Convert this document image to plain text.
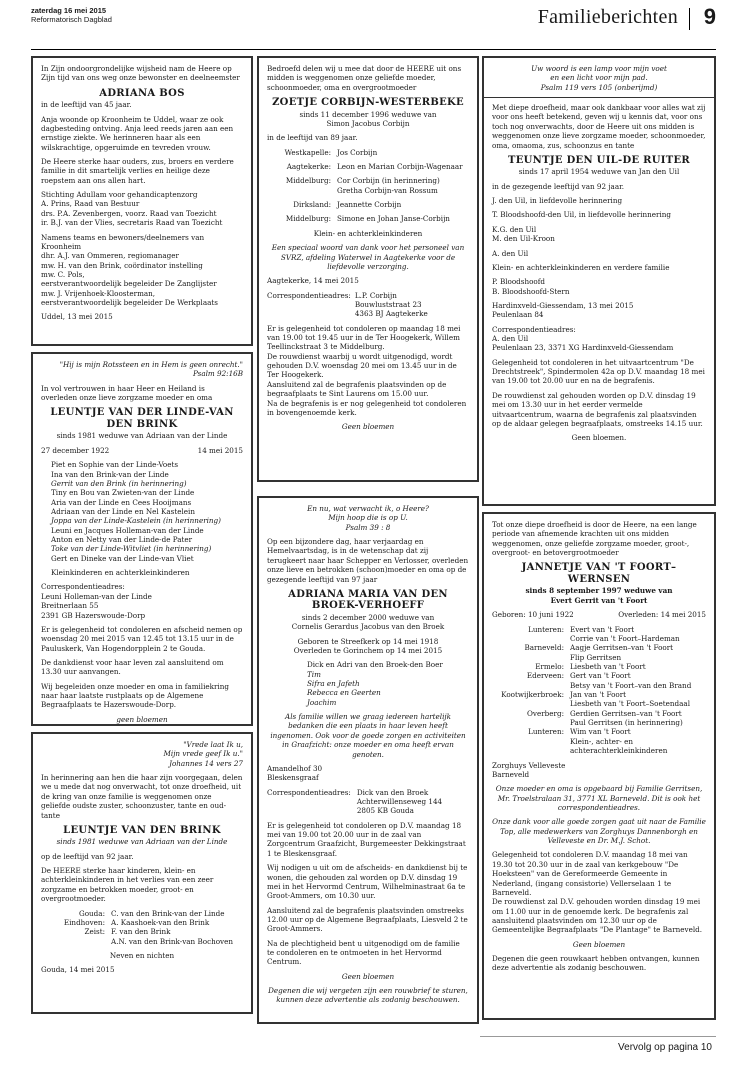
zaterdag 16 mei 2015
Reformatorisch Dagblad	Familieberichten 9

In Zijn ondoorgrondelijke wijsheid nam de Heere op Zijn tijd van ons weg onze bewonster en deelneemster

ADRIANA BOS

in de leeftijd van 45 jaar.

Anja woonde op Kroonheim te Uddel, waar ze ook dagbesteding ontving. Anja leed reeds jaren aan een ernstige ziekte. We herinneren haar als een wilskrachtige, opgeruimde en tevreden vrouw.

De Heere sterke haar ouders, zus, broers en verdere familie in dit smartelijk verlies en heilige deze roepstem aan ons allen hart.

Stichting Adullam voor gehandicaptenzorg
A. Prins, Raad van Bestuur
drs. P.A. Zevenbergen, voorz. Raad van Toezicht
ir. B.J. van der Vlies, secretaris Raad van Toezicht

Namens teams en bewoners/deelnemers van
Kroonheim
dhr. A.J. van Ommeren, regiomanager
mw. H. van den Brink, coördinator instelling
mw. C. Pols,
eerstverantwoordelijk begeleider De Zanglijster
mw. J. Vrijenhoek-Kloosterman,
eerstverantwoordelijk begeleider De Werkplaats

Uddel, 13 mei 2015

"Hij is mijn Rotssteen en in Hem is geen onrecht."
Psalm 92:16B

In vol vertrouwen in haar Heer en Heiland is overleden onze lieve zorgzame moeder en oma

LEUNTJE VAN DER LINDE-VAN DEN BRINK
sinds 1981 weduwe van Adriaan van der Linde
27 december 1922	14 mei 2015
Piet en Sophie van der Linde-Voets
Ina van den Brink-van der Linde
Gerrit van den Brink (in herinnering)
Tiny en Bou van Zwieten-van der Linde
Aria van der Linde en Cees Hooijmans
Adriaan van der Linde en Nel Kastelein
Joppa van der Linde-Kastelein (in herinnering)
Leuni en Jacques Holleman-van der Linde
Anton en Netty van der Linde-de Pater
Toke van der Linde-Witvliet (in herinnering)
Gert en Dineke van der Linde-van Vliet

Kleinkinderen en achterkleinkinderen

Correspondentieadres:
Leuni Holleman-van der Linde
Breitnerlaan 55
2391 GB Hazerswoude-Dorp

Er is gelegenheid tot condoleren en afscheid nemen op woensdag 20 mei 2015 van 12.45 tot 13.15 uur in de Pauluskerk, Van Hogendorpplein 2 te Gouda.

De dankdienst voor haar leven zal aansluitend om 13.30 uur aanvangen.

Wij begeleiden onze moeder en oma in familiekring naar haar laatste rustplaats op de Algemene Begraafplaats te Hazerswoude-Dorp.

geen bloemen
"Vrede laat Ik u,
Mijn vrede geef Ik u."
Johannes 14 vers 27

In herinnering aan hen die haar zijn voorgegaan, delen we u mede dat nog onverwacht, tot onze droefheid, uit de kring van onze familie is weggenomen onze geliefde oudste zuster, schoonzuster, tante en oud-tante

LEUNTJE VAN DEN BRINK
sinds 1981 weduwe van Adriaan van der Linde

op de leeftijd van 92 jaar.

De HEERE sterke haar kinderen, klein- en achterkleinkinderen in het verlies van een zeer zorgzame en betrokken moeder, groot- en overgrootmoeder.

Gouda: C. van den Brink-van der Linde
Eindhoven: A. Kaashoek-van den Brink
Zeist: F. van den Brink
A.N. van den Brink-van Bochoven

Neven en nichten

Gouda, 14 mei 2015

Bedroefd delen wij u mee dat door de HEERE uit ons midden is weggenomen onze geliefde moeder, schoonmoeder, oma en overgrootmoeder

ZOETJE CORBIJN-WESTERBEKE
sinds 11 december 1996 weduwe van
Simon Jacobus Corbijn

in de leeftijd van 89 jaar.

Westkapelle: Jos Corbijn
Aagtekerke: Leon en Marian Corbijn-Wagenaar
Middelburg: Cor Corbijn (in herinnering)
Gretha Corbijn-van Rossum
Dirksland: Jeannette Corbijn
Middelburg: Simone en Johan Janse-Corbijn

Klein- en achterkleinkinderen

Een speciaal woord van dank voor het personeel van SVRZ, afdeling Waterwel in Aagtekerke voor de liefdevolle verzorging.

Aagtekerke, 14 mei 2015

Correspondentieadres: L.P. Corbijn
Bouwluststraat 23
4363 BJ Aagtekerke
Er is gelegenheid tot condoleren op maandag 18 mei van 19.00 tot 19.45 uur in de Ter Hoogekerk, Willem Teellinckstraat 3 te Middelburg.
De rouwdienst waarbij u wordt uitgenodigd, wordt gehouden D.V. woensdag 20 mei om 13.45 uur in de Ter Hoogekerk.
Aansluitend zal de begrafenis plaatsvinden op de begraafplaats te Sint Laurens om 15.00 uur.

Na de begrafenis is er nog gelegenheid tot condoleren in bovengenoemde kerk.

Geen bloemen
En nu, wat verwacht ik, o Heere?
Mijn hoop die is op U.
Psalm 39 : 8

Op een bijzondere dag, haar verjaardag en Hemelvaartsdag, is in de wetenschap dat zij terugkeert naar haar Schepper en Verlosser, overleden onze lieve en betrokken (schoon)moeder en oma op de gezegende leeftijd van 97 jaar

ADRIANA MARIA VAN DEN BROEK-VERHOEFF
sinds 2 december 2000 weduwe van
Cornelis Gerardus Jacobus van den Broek
Geboren te Streefkerk op 14 mei 1918
Overleden te Gorinchem op 14 mei 2015
Dick en Adri van den Broek-den Boer
Tim
Sifra en Jafeth
Rebecca en Geerten
Joachim

Als familie willen we graag iedereen hartelijk bedanken die een plaats in haar leven heeft ingenomen. Ook voor de goede zorgen en activiteiten in Graafzicht: onze moeder en oma heeft ervan genoten.

Amandelhof 30
Bleskensgraaf

Correspondentieadres: Dick van den Broek
Achterwillenseweg 144
2805 KB Gouda

Er is gelegenheid tot condoleren op D.V. maandag 18 mei van 19.00 tot 20.00 uur in de zaal van Zorgcentrum Graafzicht, Burgemeester Dekkingstraat 1 te Bleskensgraaf.

Wij nodigen u uit om de afscheids- en dankdienst bij te wonen, die gehouden zal worden op D.V. dinsdag 19 mei in het Hervormd Centrum, Wilhelminastraat 6a te Groot-Ammers, om 10.30 uur.

Aansluitend zal de begrafenis plaatsvinden omstreeks 12.00 uur op de Algemene Begraafplaats, Liesveld 2 te Groot-Ammers.

Na de plechtigheid bent u uitgenodigd om de familie te condoleren en te ontmoeten in het Hervormd Centrum.

Geen bloemen
Degenen die wij vergeten zijn een rouwbrief te sturen, kunnen deze advertentie als zodanig beschouwen.
Uw woord is een lamp voor mijn voet
en een licht voor mijn pad.
Psalm 119 vers 105 (onberijmd)

Met diepe droefheid, maar ook dankbaar voor alles wat zij voor ons heeft betekend, geven wij u kennis dat, voor ons toch nog onverwachts, door de Heere uit ons midden is weggenomen onze lieve zorgzame moeder, schoonmoeder, oma, omaoma, zus, schoonzus en tante

TEUNTJE DEN UIL-DE RUITER
sinds 17 april 1954 weduwe van Jan den Uil

in de gezegende leeftijd van 92 jaar.

J. den Uil, in liefdevolle herinnering
T. Bloodshoofd-den Uil, in liefdevolle herinnering
K.G. den Uil
M. den Uil-Kroon
A. den Uil
Klein- en achterkleinkinderen en verdere familie
P. Bloodshoofd
B. Bloodshoofd-Stern

Hardinxveld-Giessendam, 13 mei 2015
Peulenlaan 84

Correspondentieadres:
A. den Uil
Peulenlaan 23, 3371 XG Hardinxveld-Giessendam

Gelegenheid tot condoleren in het uitvaartcentrum "De Drechtstreek", Spindermolen 42a op D.V. maandag 18 mei van 19.00 tot 20.00 uur en na de begrafenis.

De rouwdienst zal gehouden worden op D.V. dinsdag 19 mei om 13.30 uur in het eerder vermelde uitvaartcentrum, waarna de begrafenis zal plaatsvinden op de aldaar gelegen begraafplaats, omstreeks 14.15 uur.

Geen bloemen.

Tot onze diepe droefheid is door de Heere, na een lange periode van afnemende krachten uit ons midden weggenomen, onze geliefde zorgzame moeder, groot-, overgroot- en betovergrootmoeder

JANNETJE VAN 'T FOORT–WERNSEN
sinds 8 september 1997 weduwe van
Evert Gerrit van 't Foort
Geboren: 10 juni 1922	Overleden: 14 mei 2015
Lunteren: Evert van 't Foort
Corrie van 't Foort–Hardeman
Barneveld: Aagje Gerritsen–van 't Foort
Flip Gerritsen
Ermelo: Liesbeth van 't Foort
Ederveen: Gert van 't Foort
Betsy van 't Foort–van den Brand
Kootwijkerbroek: Jan van 't Foort
Liesbeth van 't Foort–Soetendaal
Overberg: Gerdien Gerritsen–van 't Foort
Paul Gerritsen (in herinnering)
Lunteren: Wim van 't Foort
Klein-, achter- en
achterachterkleinkinderen

Zorghuys Velleveste
Barneveld

Onze moeder en oma is opgebaard bij Familie Gerritsen, Mr. Troelstralaan 31, 3771 XL Barneveld. Dit is ook het correspondentieadres.

Onze dank voor alle goede zorgen gaat uit naar de Familie Top, alle medewerkers van Zorghuys Dannenborgh en Velleveste en Dr. M.J. Schot.

Gelegenheid tot condoleren D.V. maandag 18 mei van 19.30 tot 20.30 uur in de zaal van kerkgebouw "De Hoeksteen" van de Gereformeerde Gemeente in Nederland, (ingang consistorie) Vellerselaan 1 te Barneveld.

De rouwdienst zal D.V. gehouden worden dinsdag 19 mei om 11.00 uur in de genoemde kerk. De begrafenis zal aansluitend plaatsvinden om 12.30 uur op de Gemeentelijke Begraafplaats "De Plantage" te Barneveld.

Geen bloemen
Degenen die geen rouwkaart hebben ontvangen, kunnen deze advertentie als zodanig beschouwen.
Vervolg op pagina 10
